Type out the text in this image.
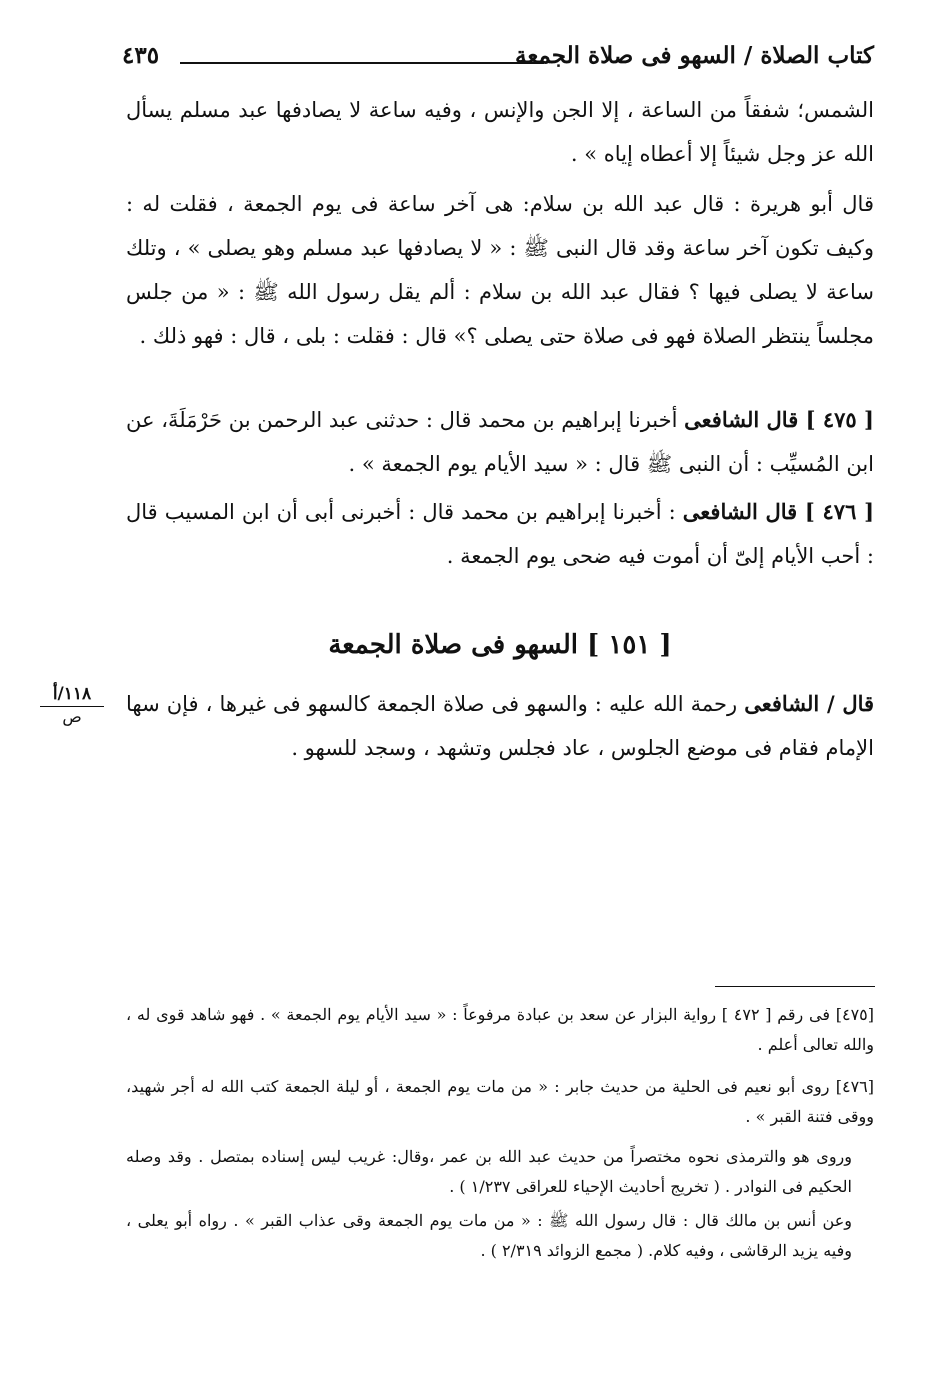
كتاب الصلاة / السهو فى صلاة الجمعة
٤٣٥

الشمس؛ شفقاً من الساعة ، إلا الجن والإنس ، وفيه ساعة لا يصادفها عبد مسلم يسأل الله عز وجل شيئاً إلا أعطاه إياه » .

قال أبو هريرة : قال عبد الله بن سلام: هى آخر ساعة فى يوم الجمعة ، فقلت له : وكيف تكون آخر ساعة وقد قال النبى ﷺ : « لا يصادفها عبد مسلم وهو يصلى » ، وتلك ساعة لا يصلى فيها ؟ فقال عبد الله بن سلام : ألم يقل رسول الله ﷺ : « من جلس مجلساً ينتظر الصلاة فهو فى صلاة حتى يصلى ؟» قال : فقلت : بلى ، قال : فهو ذلك .

[ ٤٧٥ ] قال الشافعى أخبرنا إبراهيم بن محمد قال : حدثنى عبد الرحمن بن حَرْمَلَةَ، عن ابن المُسيِّب : أن النبى ﷺ قال : « سيد الأيام يوم الجمعة » .

[ ٤٧٦ ] قال الشافعى : أخبرنا إبراهيم بن محمد قال : أخبرنى أبى أن ابن المسيب قال : أحب الأيام إلىّ أن أموت فيه ضحى يوم الجمعة .

[ ١٥١ ] السهو فى صلاة الجمعة

قال / الشافعى رحمة الله عليه : والسهو فى صلاة الجمعة كالسهو فى غيرها ، فإن سها الإمام فقام فى موضع الجلوس ، عاد فجلس وتشهد ، وسجد للسهو .

١١٨/أ
ص

[٤٧٥] فى رقم [ ٤٧٢ ] رواية البزار عن سعد بن عبادة مرفوعاً : « سيد الأيام يوم الجمعة » . فهو شاهد قوى له ، والله تعالى أعلم .

[٤٧٦] روى أبو نعيم فى الحلية من حديث جابر : « من مات يوم الجمعة ، أو ليلة الجمعة كتب الله له أجر شهيد، ووقى فتنة القبر » .

وروى هو والترمذى نحوه مختصراً من حديث عبد الله بن عمر ،وقال: غريب ليس إسناده بمتصل . وقد وصله الحكيم فى النوادر . ( تخريج أحاديث الإحياء للعراقى ١/٢٣٧ ) .

وعن أنس بن مالك قال : قال رسول الله ﷺ : « من مات يوم الجمعة وقى عذاب القبر » . رواه أبو يعلى ، وفيه يزيد الرقاشى ، وفيه كلام. ( مجمع الزوائد ٢/٣١٩ ) .
